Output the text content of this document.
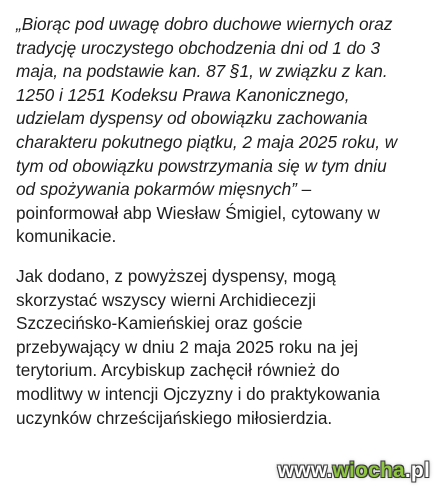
„Biorąc pod uwagę dobro duchowe wiernych oraz
tradycję uroczystego obchodzenia dni od 1 do 3
maja, na podstawie kan. 87 §1, w związku z kan.
1250 i 1251 Kodeksu Prawa Kanonicznego,
udzielam dyspensy od obowiązku zachowania
charakteru pokutnego piątku, 2 maja 2025 roku, w
tym od obowiązku powstrzymania się w tym dniu
od spożywania pokarmów mięsnych” –
poinformował abp Wiesław Śmigiel, cytowany w
komunikacie.

Jak dodano, z powyższej dyspensy, mogą
skorzystać wszyscy wierni Archidiecezji
Szczecińsko-Kamieńskiej oraz goście
przebywający w dniu 2 maja 2025 roku na jej
terytorium. Arcybiskup zachęcił również do
modlitwy w intencji Ojczyzny i do praktykowania
uczynków chrześcijańskiego miłosierdzia.

www.wiocha.pl
